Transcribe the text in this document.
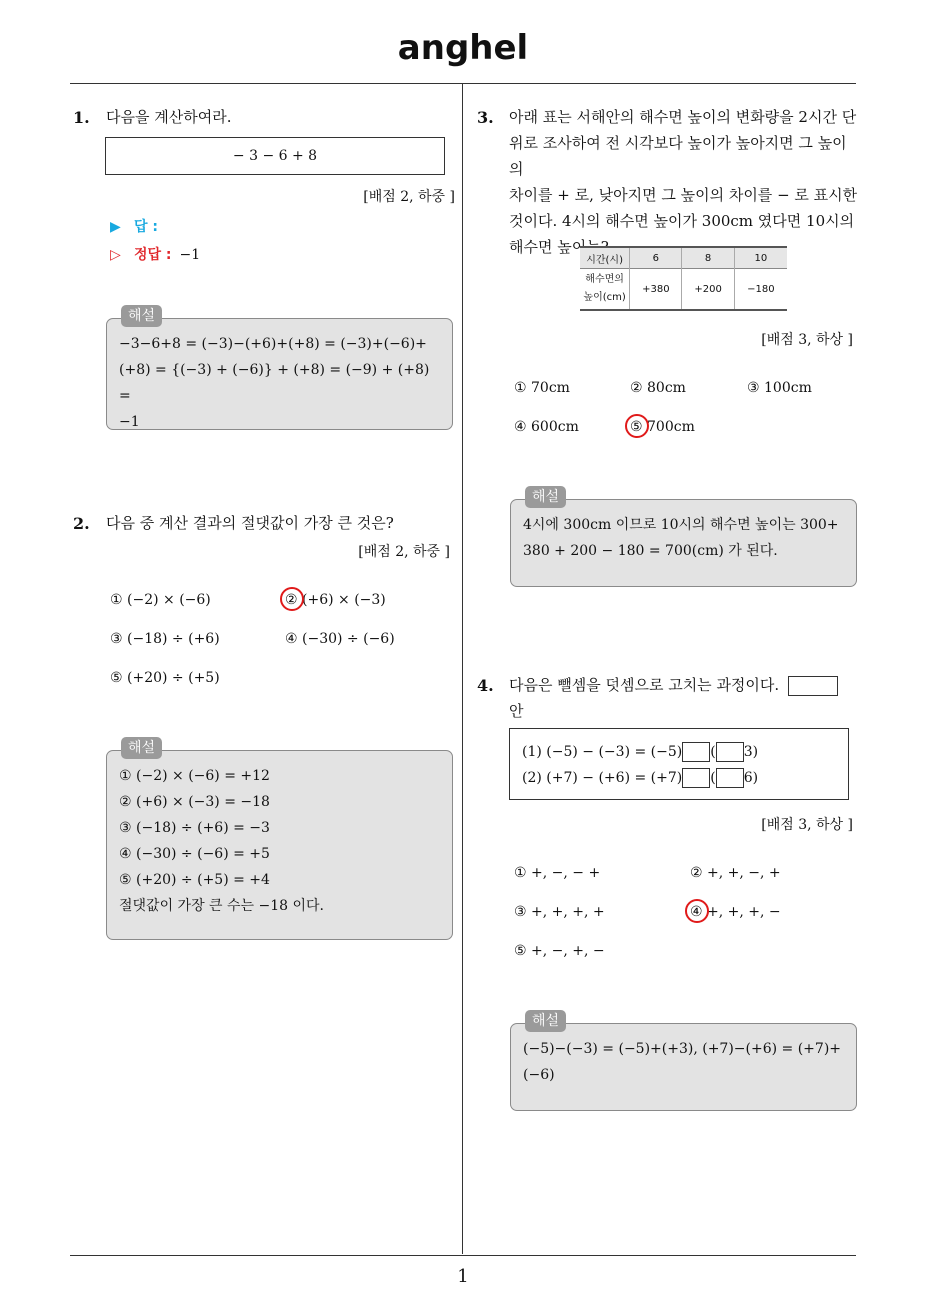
anghel
1
1. 다음을 계산하여라.
− 3 − 6 + 8
[배점 2, 하중 ]
▶ 답 :
▷ 정답 : −1
해설
−3−6+8 = (−3)−(+6)+(+8) = (−3)+(−6)+
(+8) = {(−3) + (−6)} + (+8) = (−9) + (+8) =
−1
2. 다음 중 계산 결과의 절댓값이 가장 큰 것은?
[배점 2, 하중 ]
① (−2) × (−6)	② (+6) × (−3)
③ (−18) ÷ (+6)	④ (−30) ÷ (−6)
⑤ (+20) ÷ (+5)
해설
① (−2) × (−6) = +12
② (+6) × (−3) = −18
③ (−18) ÷ (+6) = −3
④ (−30) ÷ (−6) = +5
⑤ (+20) ÷ (+5) = +4
절댓값이 가장 큰 수는 −18 이다.
3. 아래 표는 서해안의 해수면 높이의 변화량을 2시간 단
위로 조사하여 전 시각보다 높이가 높아지면 그 높이의
차이를 + 로, 낮아지면 그 높이의 차이를 − 로 표시한
것이다. 4시의 해수면 높이가 300cm 였다면 10시의
해수면 높이는?
시간(시)	6	8	10

해수면의
높이(cm)	+380	+200	−180
[배점 3, 하상 ]
① 70cm	② 80cm	③ 100cm
④ 600cm	⑤ 700cm
해설
4시에 300cm 이므로 10시의 해수면 높이는 300+
380 + 200 − 180 = 700(cm) 가 된다.
4. 다음은 뺄셈을 덧셈으로 고치는 과정이다.  안
(1) (−5) − (−3) = (−5) ( 3)
(2) (+7) − (+6) = (+7) ( 6)
[배점 3, 하상 ]
① +, −, − +	② +, +, −, +
③ +, +, +, +	④ +, +, +, −
⑤ +, −, +, −
해설
(−5)−(−3) = (−5)+(+3), (+7)−(+6) = (+7)+
(−6)
